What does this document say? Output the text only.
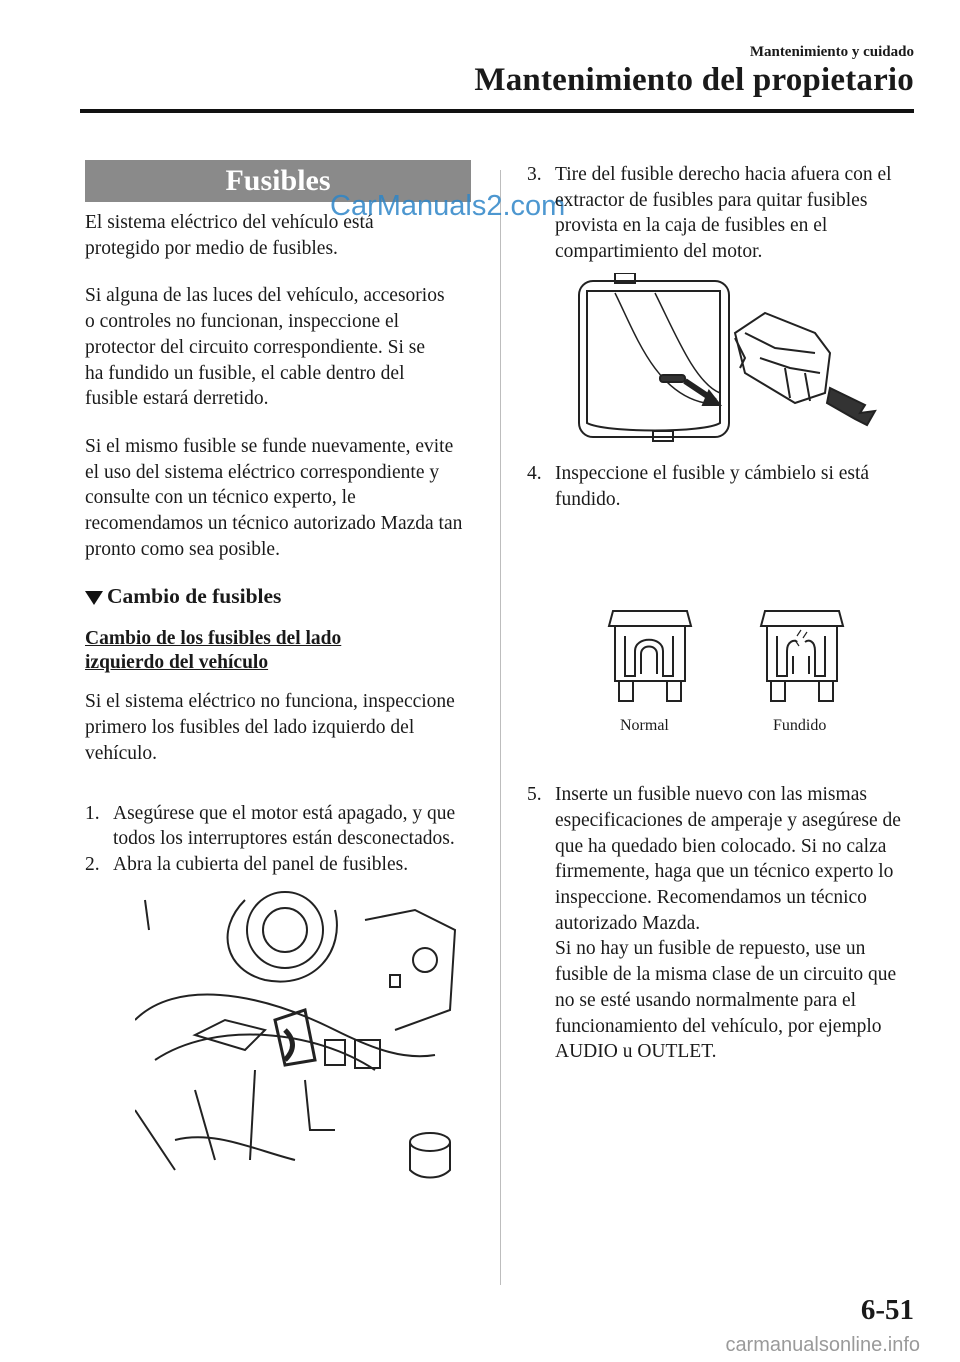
Mantenimiento y cuidado
Mantenimiento del propietario
Fusibles

El sistema eléctrico del vehículo está protegido por medio de fusibles.

Si alguna de las luces del vehículo, accesorios o controles no funcionan, inspeccione el protector del circuito correspondiente. Si se ha fundido un fusible, el cable dentro del fusible estará derretido.

Si el mismo fusible se funde nuevamente, evite el uso del sistema eléctrico correspondiente y consulte con un técnico experto, le recomendamos un técnico autorizado Mazda tan pronto como sea posible.

Cambio de fusibles
Cambio de los fusibles del lado izquierdo del vehículo

Si el sistema eléctrico no funciona, inspeccione primero los fusibles del lado izquierdo del vehículo.

1. Asegúrese que el motor está apagado, y que todos los interruptores están desconectados.
2. Abra la cubierta del panel de fusibles.
CarManuals2.com
3. Tire del fusible derecho hacia afuera con el extractor de fusibles para quitar fusibles provista en la caja de fusibles en el compartimiento del motor.
4. Inspeccione el fusible y cámbielo si está fundido.
Normal	Fundido
5. Inserte un fusible nuevo con las mismas especificaciones de amperaje y asegúrese de que ha quedado bien colocado. Si no calza firmemente, haga que un técnico experto lo inspeccione. Recomendamos un técnico autorizado Mazda.
Si no hay un fusible de repuesto, use un fusible de la misma clase de un circuito que no se esté usando normalmente para el funcionamiento del vehículo, por ejemplo AUDIO u OUTLET.
6-51
carmanualsonline.info
